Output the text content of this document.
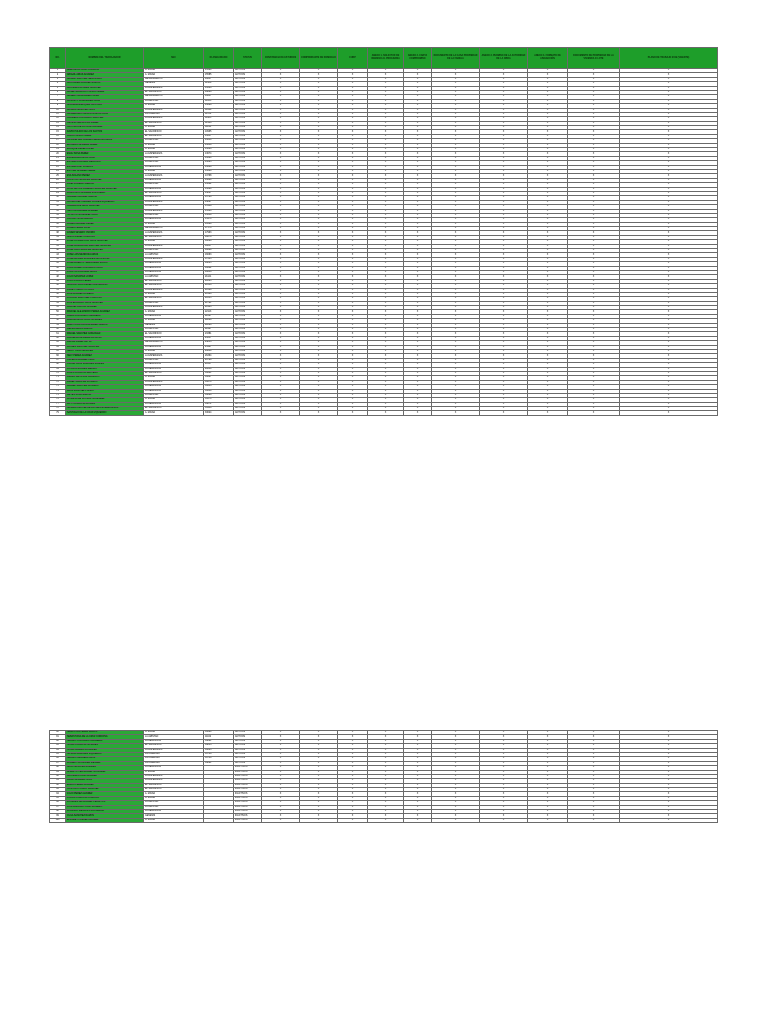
NO.	NOMBRE DEL TRABAJADOR	SEC	ID ASEGURADO	STATUS	CONSTANCIA DE ESTUDIOS	COMPROBANTE DE DOMICILIO	CURP	ANEXO 1. SOLICITUD DE INGRESO AL PROGRAMA	ANEXO 2. CARTA COMPROMISO	DOCUMENTO DE LA CASA PROPIEDAD DE LA FAMILIA	ANEXO 3. PERMISO DE LA AUTORIDAD DE LA OBRA	ANEXO 4. FORMATO DE ASIGNACIÓN	DOCUMENTO DE PROPIEDAD DE LA VIVIENDA O LOTE	PLANO DE TRABAJO 2019 (VIGENTE)
1	ABEL DE LA CRUZ CORDOVA	A. MAINA	15584	ACTIVOS	X	X	X	X	X	X	X	X	X	X
2	ABIGAIL ARIAS ALVAREZ	A. MAINA	15585	ACTIVOS	X	X	X	X	X	X	X	X	X	X
3	ABIGAIL SANCHEZ SEGOVIANO	RENACIMIENTO	19657	ACTIVOS	X	X	X	X	X	X	X	X	X	X
4	ANA KAREN ALVAREZ GARCIA	GENESIS	11568	ACTIVOS	X	X	X	X	X	X	X	X	X	X
5	ANA MARIA FLORES SANCHEZ	LA ESPERANZA	14326	ACTIVOS	X	X	X	X	X	X	X	X	X	X
6	ANGEL MAURICIO PULIDO PEREZ	EL SACRIFICIO	19886	ACTIVOS	X	X	X	X	X	X	X	X	X	X
7	ARGENTINA ALVAREZ LOPEZ	RENACIMIENTO	16657	ACTIVOS	X	X	X	X	X	X	X	X	X	X
8	AUGUSTO DOMINGUEZ CRUZ	LA AMISTAD	11653	ACTIVOS	X	X	X	X	X	X	X	X	X	X
9	AZUCENA ENRIQUEZ CASTILLO	A. MAINA	13698	ACTIVOS	X	X	X	X	X	X	X	X	X	X
10	BRIGIDA SANCHEZ OLAN	LA ESPERANZA	11698	ACTIVOS	X	X	X	X	X	X	X	X	X	X
11	CANDELARIO PALACIOS DE LA CRUZ	PROGRESSO	11784	ACTIVOS	X	X	X	X	X	X	X	X	X	X
12	CARMELA COLORADO SANCHEZ	LA ESPERANZA	11965	ACTIVOS	X	X	X	X	X	X	X	X	X	X
13	CECILIA CERVANTES PEREZ	EL SACRIFICIO	12146	ACTIVOS	X	X	X	X	X	X	X	X	X	X
14	CRISTINA DE LA CRUZ ALVAREZ	A. MAINA	12811	ACTIVOS	X	X	X	X	X	X	X	X	X	X
15	DAVID PULIDO DE LOS SANTOS	EL SACRIFICIO	10965	ACTIVOS	X	X	X	X	X	X	X	X	X	X
16	DAVID PULIDO PEREZ	EL SACRIFICIO	13657	ACTIVOS	X	X	X	X	X	X	X	X	X	X
17	DENISSE DEL CARMEN MENDOZA ARIAS	LA AMISTAD	13654	ACTIVOS	X	X	X	X	X	X	X	X	X	X
18	EDUARDO ALVAREZ PEREZ	A. MAINA	13659	ACTIVOS	X	X	X	X	X	X	X	X	X	X
19	ENRIQUE PEREZ LOPEZ	A. MAINA	13666	ACTIVOS	X	X	X	X	X	X	X	X	X	X
20	ESAU SOSA PEREZ	LA ESPERANZA	13674	ACTIVOS	X	X	X	X	X	X	X	X	X	X
21	ESPERANZA DE LA CRUZ	LA AMISTAD	13694	ACTIVOS	X	X	X	X	X	X	X	X	X	X
22	ESTEBAN ALVAREZ MENDOZA	LA AMISTAD	13695	ACTIVOS	X	X	X	X	X	X	X	X	X	X
23	ESTEBAN LEYVA ARIAS	LA BENDICION	13668	ACTIVOS	X	X	X	X	X	X	X	X	X	X
24	ESTHER ALVAREZ PEREZ	A. MAINA	13688	ACTIVOS	X	X	X	X	X	X	X	X	X	X
25	EVA SOLANO PEREZ	LA ESPERANZA	13768	ACTIVOS	X	X	X	X	X	X	X	X	X	X
26	FAUSTINO SANCHEZ SANCHEZ	LA BENDICION	13664	ACTIVOS	X	X	X	X	X	X	X	X	X	X
27	FIDEL ROMERO MERINO	LA AMISTAD	13682	ACTIVOS	X	X	X	X	X	X	X	X	X	X
28	FLOR DE LOS ANGELES SANCHEZ SANCHEZ	LA BENDICION	13699	ACTIVOS	X	X	X	X	X	X	X	X	X	X
29	FRANCISCO ALVAREZ MOLLINEDO	EL SACRIFICIO	15867	ACTIVOS	X	X	X	X	X	X	X	X	X	X
30	GABRIEL ALVAREZ GARCIA	LA BENDICION	13786	ACTIVOS	X	X	X	X	X	X	X	X	X	X
31	GLORIA DEL CARMEN FLORES IZQUIERDO	LA ESPERANZA	13897	ACTIVOS	X	X	X	X	X	X	X	X	X	X
32	GUADALUPE LEON SANCHEZ	LA AMISTAD	15148	ACTIVOS	X	X	X	X	X	X	X	X	X	X
33	HECTOR ALVAREZ ALVAREZ	LA ESPERANZA	15366	ACTIVOS	X	X	X	X	X	X	X	X	X	X
34	HIPOLITO GONZALEZ OLAN	LA AMISTAD	15619	ACTIVOS	X	X	X	X	X	X	X	X	X	X
35	JACOBO SOSA GARCIA	LA BENDICION	15974	ACTIVOS	X	X	X	X	X	X	X	X	X	X
36	JAVIER ALVAREZ PEREZ	A. MAINA	16399	ACTIVOS	X	X	X	X	X	X	X	X	X	X
37	JAVIER PEREZ SOSA	RENACIMIENTO	17578	ACTIVOS	X	X	X	X	X	X	X	X	X	X
38	JAVIER SEVERO OSORIO	LA ESPERANZA	17993	ACTIVOS	X	X	X	X	X	X	X	X	X	X
39	JESUS PEREZ CORDOVA	EL SACRIFICIO	18078	ACTIVOS	X	X	X	X	X	X	X	X	X	X
40	JOSE CONCEPCION CRUZ SANCHEZ	A. MAINA	18098	ACTIVOS	X	X	X	X	X	X	X	X	X	X
41	JOSE GUADALUPE SANCHEZ SANCHEZ	LA ESPERANZA	18657	ACTIVOS	X	X	X	X	X	X	X	X	X	X
42	JOSE JUAN SANCHEZ SANCHEZ	LA AMISTAD	18699	ACTIVOS	X	X	X	X	X	X	X	X	X	X
43	JOSE LUIS MENDOZA ARIAS	LA AMISTAD	16663	ACTIVOS	X	X	X	X	X	X	X	X	X	X
44	JOSE MANUEL MORALES DE LA ROSA	LA ESPERANZA	17645	ACTIVOS	X	X	X	X	X	X	X	X	X	X
45	JOSE ALBERTO HERNANDEZ ROJAS	LA BENDICION	19065	ACTIVOS	X	X	X	X	X	X	X	X	X	X
46	JUAN DANIEL COLORADO OLAN	LA BENDICION	19682	ACTIVOS	X	X	X	X	X	X	X	X	X	X
47	JUAN LUIS ALVAREZ ARIAS	LA BENDICION	19656	ACTIVOS	X	X	X	X	X	X	X	X	X	X
48	JULIO SANCHEZ LOPEZ	LA AMISTAD	21121	ACTIVOS	X	X	X	X	X	X	X	X	X	X
49	JULIO PULIDO PEREZ	EL SACRIFICIO	21863	ACTIVOS	X	X	X	X	X	X	X	X	X	X
50	LEONOR JULIA PEREZ CASTELLANO	EL SACRIFICIO	21316	ACTIVOS	X	X	X	X	X	X	X	X	X	X
51	LIZBETH ARROYO OLAN	LA ESPERANZA	21388	ACTIVOS	X	X	X	X	X	X	X	X	X	X
52	LUIS ALVAREZ ROMERO	A. MAINA	21486	ACTIVOS	X	X	X	X	X	X	X	X	X	X
53	LUCIANO MARTINEZ CORDOVA	EL SACRIFICIO	21613	ACTIVOS	X	X	X	X	X	X	X	X	X	X
54	LUIS EDUARDO CRUZ SANCHEZ	LA AMISTAD	21791	ACTIVOS	X	X	X	X	X	X	X	X	X	X
55	MANUEL RINCON ALVAREZ	LA ESPERANZA	21963	ACTIVOS	X	X	X	X	X	X	X	X	X	X
56	MANUEL ALEJANDRO PEREZ ALVAREZ	A. MAINA	22113	ACTIVOS	X	X	X	X	X	X	X	X	X	X
57	MARIA COLORADO FALABERA	LA BENDICION	22397	ACTIVOS	X	X	X	X	X	X	X	X	X	X
58	MARINA DE LA CRUZ OLIVARES	A. MAINA	22888	ACTIVOS	X	X	X	X	X	X	X	X	X	X
59	MARTHA PATRICIA ALVAREZ GARCIA	GENESIS	22886	ACTIVOS	X	X	X	X	X	X	X	X	X	X
60	MELIDA ARIAS GARCIA	LA AMISTAD	22987	ACTIVOS	X	X	X	X	X	X	X	X	X	X
61	MIGUEL SANCHEZ GONZALEZ	EL SACRIFICIO	23381	ACTIVOS	X	X	X	X	X	X	X	X	X	X
62	MIGUELINA ALVAREZ ALFONSO	LA BENDICION	23657	ACTIVOS	X	X	X	X	X	X	X	X	X	X
63	MIRIAM PEREZ LEYVA	RENACIMIENTO	24853	ACTIVOS	X	X	X	X	X	X	X	X	X	X
64	MOISES SANCHEZ SANCHEZ	LA BENDICION	25987	ACTIVOS	X	X	X	X	X	X	X	X	X	X
65	NEFFY OLAN SANCHEZ	A. MAINA	26249	ACTIVOS	X	X	X	X	X	X	X	X	X	X
66	NELY PEREZ ALVAREZ	LA ESPERANZA	26364	ACTIVOS	X	X	X	X	X	X	X	X	X	X
67	ORFELIN ALVAREZ CRUZ	LA AMISTAD	26798	ACTIVOS	X	X	X	X	X	X	X	X	X	X
68	OSCAR CRUZ MORALES ROBLES	LA BENDICION	28157	ACTIVOS	X	X	X	X	X	X	X	X	X	X
69	PATRICIA ROBLES MERINO	LA BENDICION	28659	ACTIVOS	X	X	X	X	X	X	X	X	X	X
70	PAULA CORDOVA ZENTENO	EL SACRIFICIO	33621	ACTIVOS	X	X	X	X	X	X	X	X	X	X
71	PEDRO DE LA PAZ CARRILLO	A. MAINA	33667	ACTIVOS	X	X	X	X	X	X	X	X	X	X
72	PEREZ SANCHEZ ROSARIO	LA ESPERANZA	33674	ACTIVOS	X	X	X	X	X	X	X	X	X	X
73	RAFAEL SANCHEZ ROSARIO	LA BENDICION	33653	ACTIVOS	X	X	X	X	X	X	X	X	X	X
74	RAUL SANCHEZ PULIDO	LA BENDICION	33659	ACTIVOS	X	X	X	X	X	X	X	X	X	X
75	REYES SOSA GARCIA	LA AMISTAD	33298	ACTIVOS	X	X	X	X	X	X	X	X	X	X
76	ROSALVA DE LA CRUZ GONZALEZ	A. MAINA	33374	ACTIVOS	X	X	X	X	X	X	X	X	X	X
77	RUTH CORDOVA FLORES	LA BENDICION	33872	ACTIVOS	X	X	X	X	X	X	X	X	X	X
78	SANDRA CRISTEL DE LA FUENTE MERCALLAS	EL SACRIFICIO	33958	ACTIVOS	X	X	X	X	X	X	X	X	X	X
79	SANTIAGO DE LA CRUZ IZQUIERDO	A. MAINA	33624	ACTIVOS	X	X	X	X	X	X	X	X	X	X
80	SEBASTIAN PEREZ RAMOS	A. MAINA	33690	ACTIVOS	X	X	X	X	X	X	X	X	X	X
81	SEBASTIANA DE LA CRUZ CORDOVA	LA AMISTAD	11162	ACTIVOS	X	X	X	X	X	X	X	X	X	X
82	SERGIO COLORADO FALABERA	LA BENDICION	33891	ACTIVOS	X	X	X	X	X	X	X	X	X	X
83	SONIA CORDOVA OLIVARES	EL SACRIFICIO	33813	ACTIVOS	X	X	X	X	X	X	X	X	X	X
84	SONIA GALERA GONZALEZ	LA ESPERANZA	33065	ACTIVOS	X	X	X	X	X	X	X	X	X	X
85	SUSANA MORALES IZQUIERDO	PROGRESSO	33738	ACTIVOS	X	X	X	X	X	X	X	X	X	X
86	SERGIO FALABERA CRUZ	PROGRESSO	33758	ACTIVOS	X	X	X	X	X	X	X	X	X	X
87	WILBERT ALCANDER MENDEZ	PROGRESSO	33891	ACTIVOS	X	X	X	X	X	X	X	X	X	X
88	ADAN SANCHEZ RAMIREZ	LA BENDICION		INACTIVOS	X	X	X	X	X	X	X	X	X	X
89	ALBERTO HERNANDEZ GONZALEZ	A. MAINA		INACTIVOS	X	X	X	X	X	X	X	X	X	X
90	ANA MARIA OLAN ALVAREZ	LA ESPERANZA		INACTIVOS	X	X	X	X	X	X	X	X	X	X
91	DIEGO ALVAREZ OLAN	LA ESPERANZA		INACTIVOS	X	X	X	X	X	X	X	X	X	X
92	EMILIO PEREZ ALVAREZ	EL SACRIFICIO		INACTIVOS	X	X	X	X	X	X	X	X	X	X
93	GUSTAVO PULIDO SANCHEZ	EL SACRIFICIO		INACTIVOS	X	X	X	X	X	X	X	X	X	X
94	JULIO PEREZ ALVAREZ	A. MAINA		INACTIVOS	X	X	X	X	X	X	X	X	X	X
95	JULIAN CORDOVA CORDOVA	A. MAINA		INACTIVOS	X	X	X	X	X	X	X	X	X	X
96	LOURDES DE ALVAREZ PERALTOS	LA AMISTAD		INACTIVOS	X	X	X	X	X	X	X	X	X	X
97	LUIS ARMANDO OLAN ROMERO	LA AMISTAD		INACTIVOS	X	X	X	X	X	X	X	X	X	X
98	DOMINGO MENDOZA PROGRESO	LA BENDICION		INACTIVOS	X	X	X	X	X	X	X	X	X	X
99	OLGA SANCHEZ RAMOS	GENESIS		INACTIVOS	X	X	X	X	X	X	X	X	X	X
100	ELIZABETH PEREZ ALVAREZ	A. MAINA		INACTIVOS	X	X	X	X	X	X	X	X	X	X
